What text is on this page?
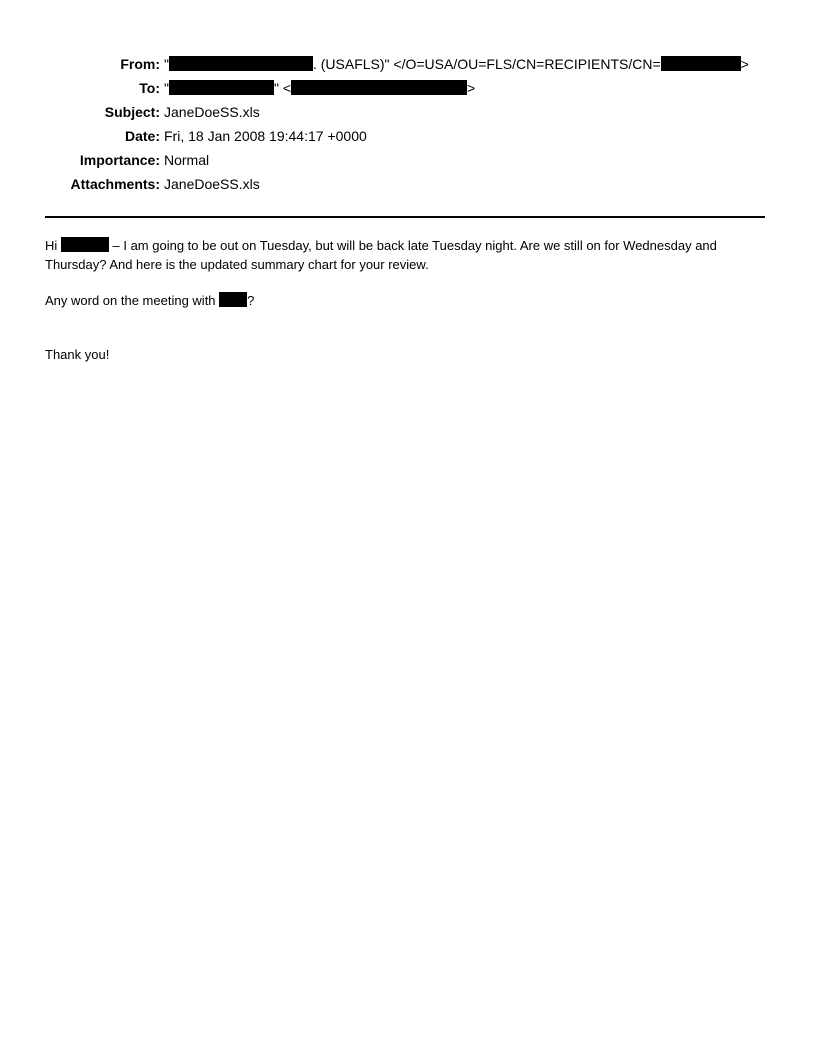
From: "	. (USAFLS)" </O=USA/OU=FLS/CN=RECIPIENTS/CN=	>
To: "	" <	>
Subject: JaneDoeSS.xls
Date: Fri, 18 Jan 2008 19:44:17 +0000
Importance: Normal
Attachments: JaneDoeSS.xls

Hi	– I am going to be out on Tuesday, but will be back late Tuesday night. Are we still on for Wednesday and Thursday? And here is the updated summary chart for your review.

Any word on the meeting with ?

Thank you!
